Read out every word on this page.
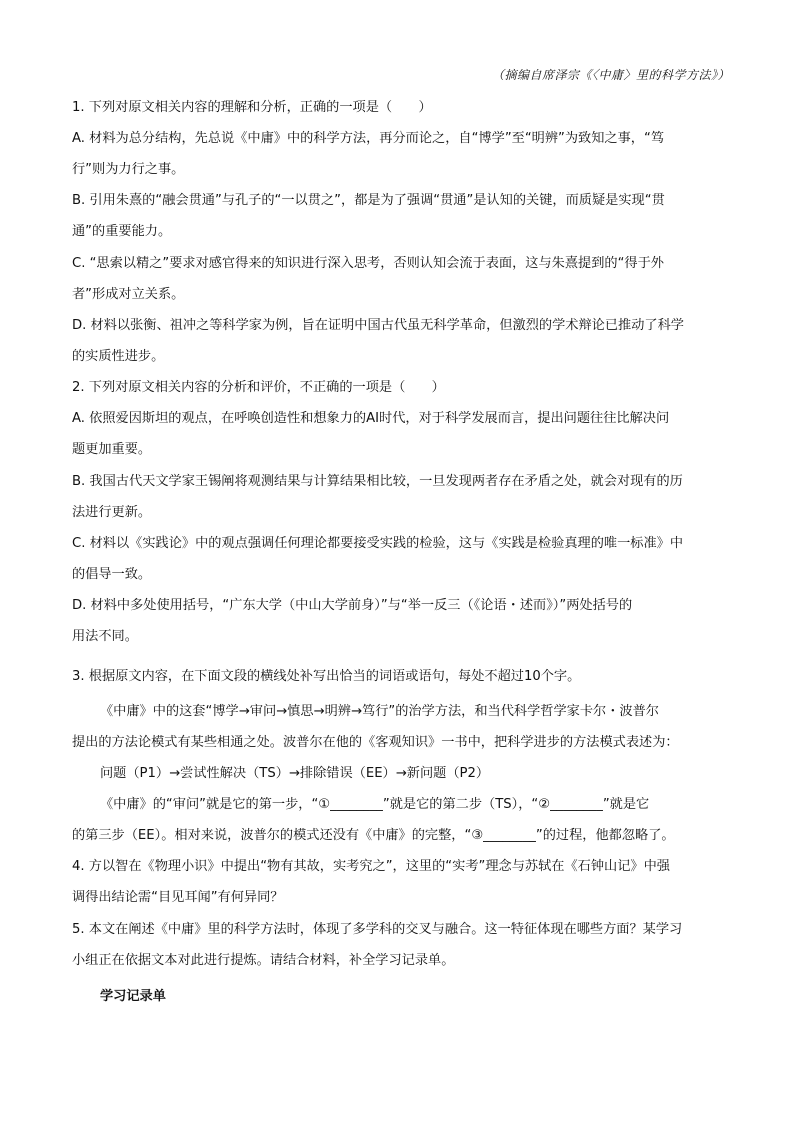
（摘编自席泽宗《〈中庸〉里的科学方法》）
1. 下列对原文相关内容的理解和分析，正确的一项是（　　）
A. 材料为总分结构，先总说《中庸》中的科学方法，再分而论之，自“博学”至“明辨”为致知之事，“笃
行”则为力行之事。
B. 引用朱熹的“融会贯通”与孔子的“一以贯之”，都是为了强调“贯通”是认知的关键，而质疑是实现“贯
通”的重要能力。
C. “思索以精之”要求对感官得来的知识进行深入思考，否则认知会流于表面，这与朱熹提到的“得于外
者”形成对立关系。
D. 材料以张衡、祖冲之等科学家为例，旨在证明中国古代虽无科学革命，但激烈的学术辩论已推动了科学
的实质性进步。
2. 下列对原文相关内容的分析和评价，不正确的一项是（　　）
A. 依照爱因斯坦的观点，在呼唤创造性和想象力的AI时代，对于科学发展而言，提出问题往往比解决问
题更加重要。
B. 我国古代天文学家王锡阐将观测结果与计算结果相比较，一旦发现两者存在矛盾之处，就会对现有的历
法进行更新。
C. 材料以《实践论》中的观点强调任何理论都要接受实践的检验，这与《实践是检验真理的唯一标准》中
的倡导一致。
D. 材料中多处使用括号，“广东大学（中山大学前身）”与“举一反三（《论语・述而》）”两处括号的
用法不同。
3. 根据原文内容，在下面文段的横线处补写出恰当的词语或语句，每处不超过10个字。
《中庸》中的这套“博学→审问→慎思→明辨→笃行”的治学方法，和当代科学哲学家卡尔・波普尔
提出的方法论模式有某些相通之处。波普尔在他的《客观知识》一书中，把科学进步的方法模式表述为：
问题（P1）→尝试性解决（TS）→排除错误（EE）→新问题（P2）
《中庸》的“审问”就是它的第一步，“①________”就是它的第二步（TS），“②________”就是它
的第三步（EE）。相对来说，波普尔的模式还没有《中庸》的完整，“③________”的过程，他都忽略了。
4. 方以智在《物理小识》中提出“物有其故，实考究之”，这里的“实考”理念与苏轼在《石钟山记》中强
调得出结论需“目见耳闻”有何异同？
5. 本文在阐述《中庸》里的科学方法时，体现了多学科的交叉与融合。这一特征体现在哪些方面？某学习
小组正在依据文本对此进行提炼。请结合材料，补全学习记录单。
学习记录单
